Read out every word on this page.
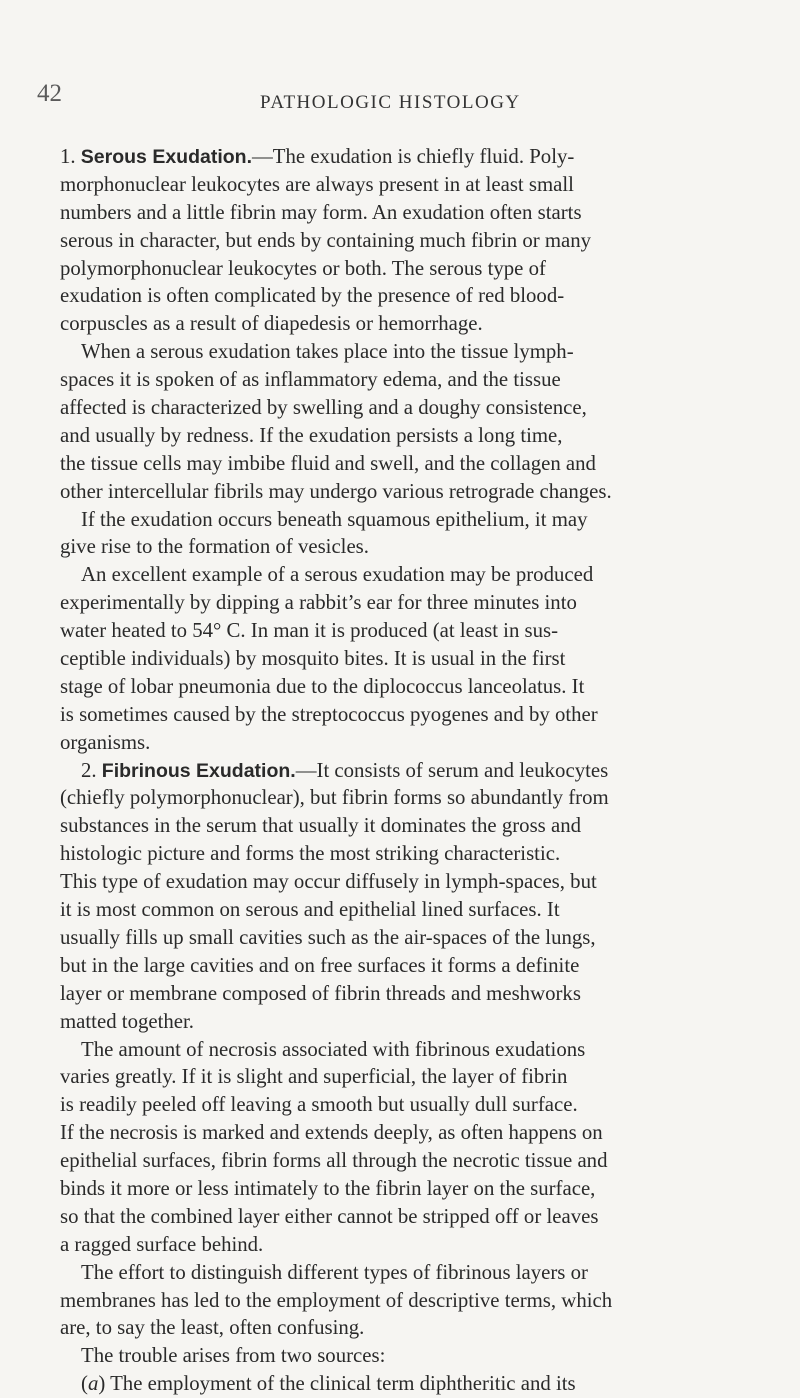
42	PATHOLOGIC HISTOLOGY
1. Serous Exudation.—The exudation is chiefly fluid. Poly-
morphonuclear leukocytes are always present in at least small
numbers and a little fibrin may form. An exudation often starts
serous in character, but ends by containing much fibrin or many
polymorphonuclear leukocytes or both. The serous type of
exudation is often complicated by the presence of red blood-
corpuscles as a result of diapedesis or hemorrhage.
When a serous exudation takes place into the tissue lymph-
spaces it is spoken of as inflammatory edema, and the tissue
affected is characterized by swelling and a doughy consistence,
and usually by redness. If the exudation persists a long time,
the tissue cells may imbibe fluid and swell, and the collagen and
other intercellular fibrils may undergo various retrograde changes.
If the exudation occurs beneath squamous epithelium, it may
give rise to the formation of vesicles.
An excellent example of a serous exudation may be produced
experimentally by dipping a rabbit’s ear for three minutes into
water heated to 54° C. In man it is produced (at least in sus-
ceptible individuals) by mosquito bites. It is usual in the first
stage of lobar pneumonia due to the diplococcus lanceolatus. It
is sometimes caused by the streptococcus pyogenes and by other
organisms.
2. Fibrinous Exudation.—It consists of serum and leukocytes
(chiefly polymorphonuclear), but fibrin forms so abundantly from
substances in the serum that usually it dominates the gross and
histologic picture and forms the most striking characteristic.
This type of exudation may occur diffusely in lymph-spaces, but
it is most common on serous and epithelial lined surfaces. It
usually fills up small cavities such as the air-spaces of the lungs,
but in the large cavities and on free surfaces it forms a definite
layer or membrane composed of fibrin threads and meshworks
matted together.
The amount of necrosis associated with fibrinous exudations
varies greatly. If it is slight and superficial, the layer of fibrin
is readily peeled off leaving a smooth but usually dull surface.
If the necrosis is marked and extends deeply, as often happens on
epithelial surfaces, fibrin forms all through the necrotic tissue and
binds it more or less intimately to the fibrin layer on the surface,
so that the combined layer either cannot be stripped off or leaves
a ragged surface behind.
The effort to distinguish different types of fibrinous layers or
membranes has led to the employment of descriptive terms, which
are, to say the least, often confusing.
The trouble arises from two sources:
(a) The employment of the clinical term diphtheritic and its
